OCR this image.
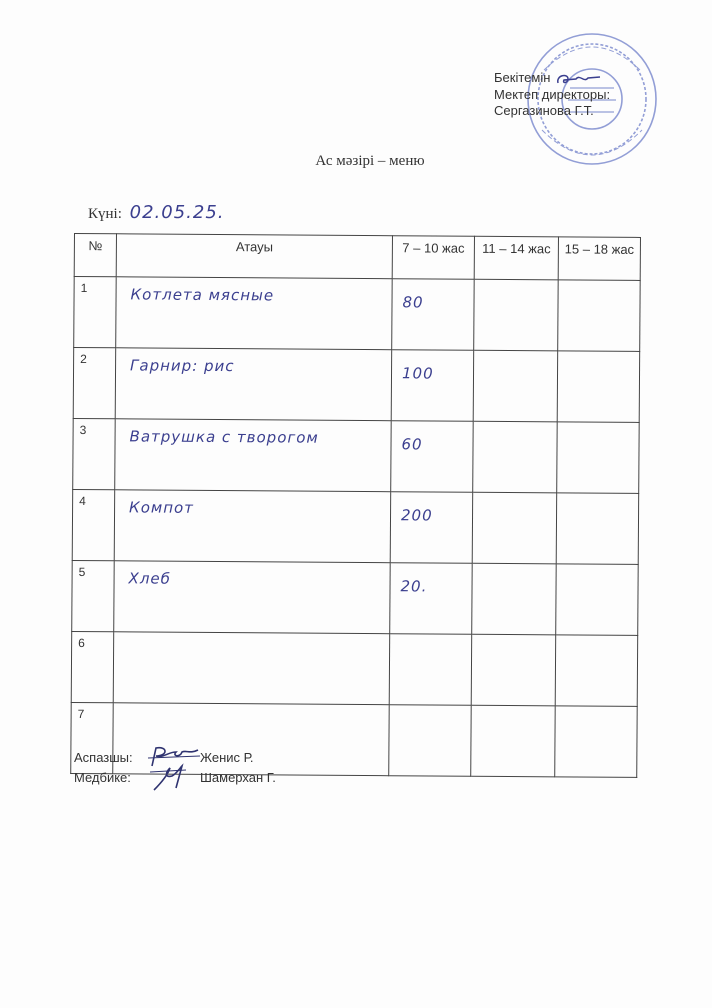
Бекітемін
Мектеп директоры:
Сергазинова Г.Т.
Ас мәзірі – меню
Күні: 02.05.25.
№	Атауы	7 – 10 жас	11 – 14 жас	15 – 18 жас
1	Котлета мясные	80		
2	Гарнир: рис	100		
3	Ватрушка с творогом	60		
4	Компот	200		
5	Хлеб	20.		
6				
7				
Аспазшы:	Женис Р.
Медбике:	Шамерхан Г.
